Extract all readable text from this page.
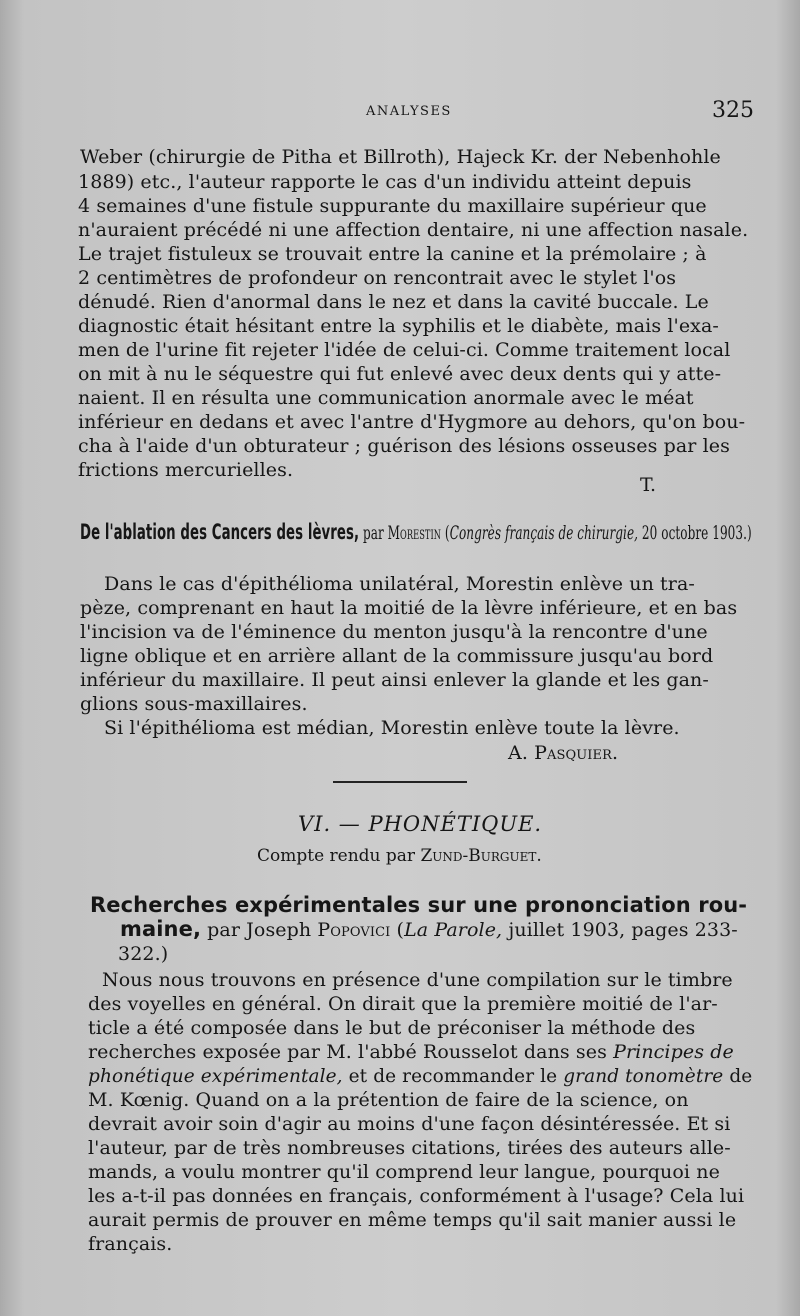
ANALYSES	325
Weber (chirurgie de Pitha et Billroth), Hajeck Kr. der Nebenhohle
1889) etc., l'auteur rapporte le cas d'un individu atteint depuis
4 semaines d'une fistule suppurante du maxillaire supérieur que
n'auraient précédé ni une affection dentaire, ni une affection nasale.
Le trajet fistuleux se trouvait entre la canine et la prémolaire ; à
2 centimètres de profondeur on rencontrait avec le stylet l'os
dénudé. Rien d'anormal dans le nez et dans la cavité buccale. Le
diagnostic était hésitant entre la syphilis et le diabète, mais l'exa-
men de l'urine fit rejeter l'idée de celui-ci. Comme traitement local
on mit à nu le séquestre qui fut enlevé avec deux dents qui y atte-
naient. Il en résulta une communication anormale avec le méat
inférieur en dedans et avec l'antre d'Hygmore au dehors, qu'on bou-
cha à l'aide d'un obturateur ; guérison des lésions osseuses par les
frictions mercurielles.
T.
De l'ablation des Cancers des lèvres, par Morestin (Congrès français de chirurgie, 20 octobre 1903.)
Dans le cas d'épithélioma unilatéral, Morestin enlève un tra-
pèze, comprenant en haut la moitié de la lèvre inférieure, et en bas
l'incision va de l'éminence du menton jusqu'à la rencontre d'une
ligne oblique et en arrière allant de la commissure jusqu'au bord
inférieur du maxillaire. Il peut ainsi enlever la glande et les gan-
glions sous-maxillaires.
Si l'épithélioma est médian, Morestin enlève toute la lèvre.
A. Pasquier.
VI. — PHONÉTIQUE.
Compte rendu par Zund-Burguet.
Recherches expérimentales sur une prononciation rou-
maine, par Joseph Popovici (La Parole, juillet 1903, pages 233-
322.)
Nous nous trouvons en présence d'une compilation sur le timbre
des voyelles en général. On dirait que la première moitié de l'ar-
ticle a été composée dans le but de préconiser la méthode des
recherches exposée par M. l'abbé Rousselot dans ses Principes de
phonétique expérimentale, et de recommander le grand tonomètre de
M. Kœnig. Quand on a la prétention de faire de la science, on
devrait avoir soin d'agir au moins d'une façon désintéressée. Et si
l'auteur, par de très nombreuses citations, tirées des auteurs alle-
mands, a voulu montrer qu'il comprend leur langue, pourquoi ne
les a-t-il pas données en français, conformément à l'usage? Cela lui
aurait permis de prouver en même temps qu'il sait manier aussi le
français.
